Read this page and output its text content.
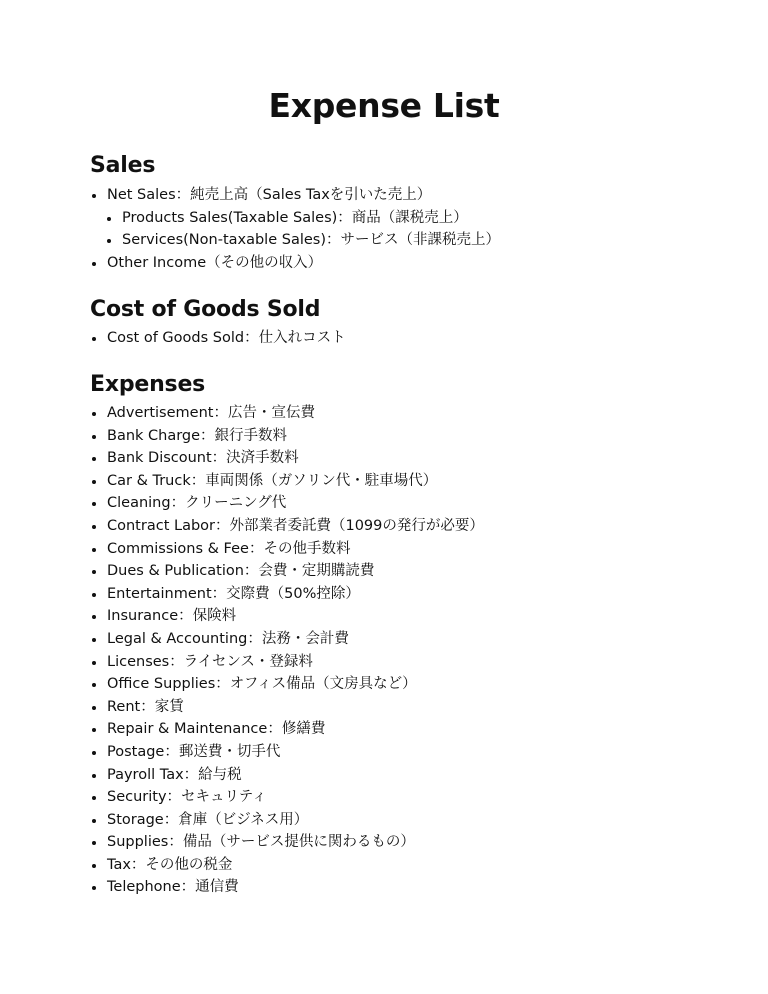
Expense List
Sales
Net Sales：純売上高（Sales Taxを引いた売上）
Products Sales(Taxable Sales)：商品（課税売上）
Services(Non-taxable Sales)：サービス（非課税売上）
Other Income（その他の収入）
Cost of Goods Sold
Cost of Goods Sold：仕入れコスト
Expenses
Advertisement：広告・宣伝費
Bank Charge：銀行手数料
Bank Discount：決済手数料
Car & Truck：車両関係（ガソリン代・駐車場代）
Cleaning：クリーニング代
Contract Labor：外部業者委託費（1099の発行が必要）
Commissions & Fee：その他手数料
Dues & Publication：会費・定期購読費
Entertainment：交際費（50%控除）
Insurance：保険料
Legal & Accounting：法務・会計費
Licenses：ライセンス・登録料
Office Supplies：オフィス備品（文房具など）
Rent：家賃
Repair & Maintenance：修繕費
Postage：郵送費・切手代
Payroll Tax：給与税
Security：セキュリティ
Storage：倉庫（ビジネス用）
Supplies：備品（サービス提供に関わるもの）
Tax：その他の税金
Telephone：通信費
